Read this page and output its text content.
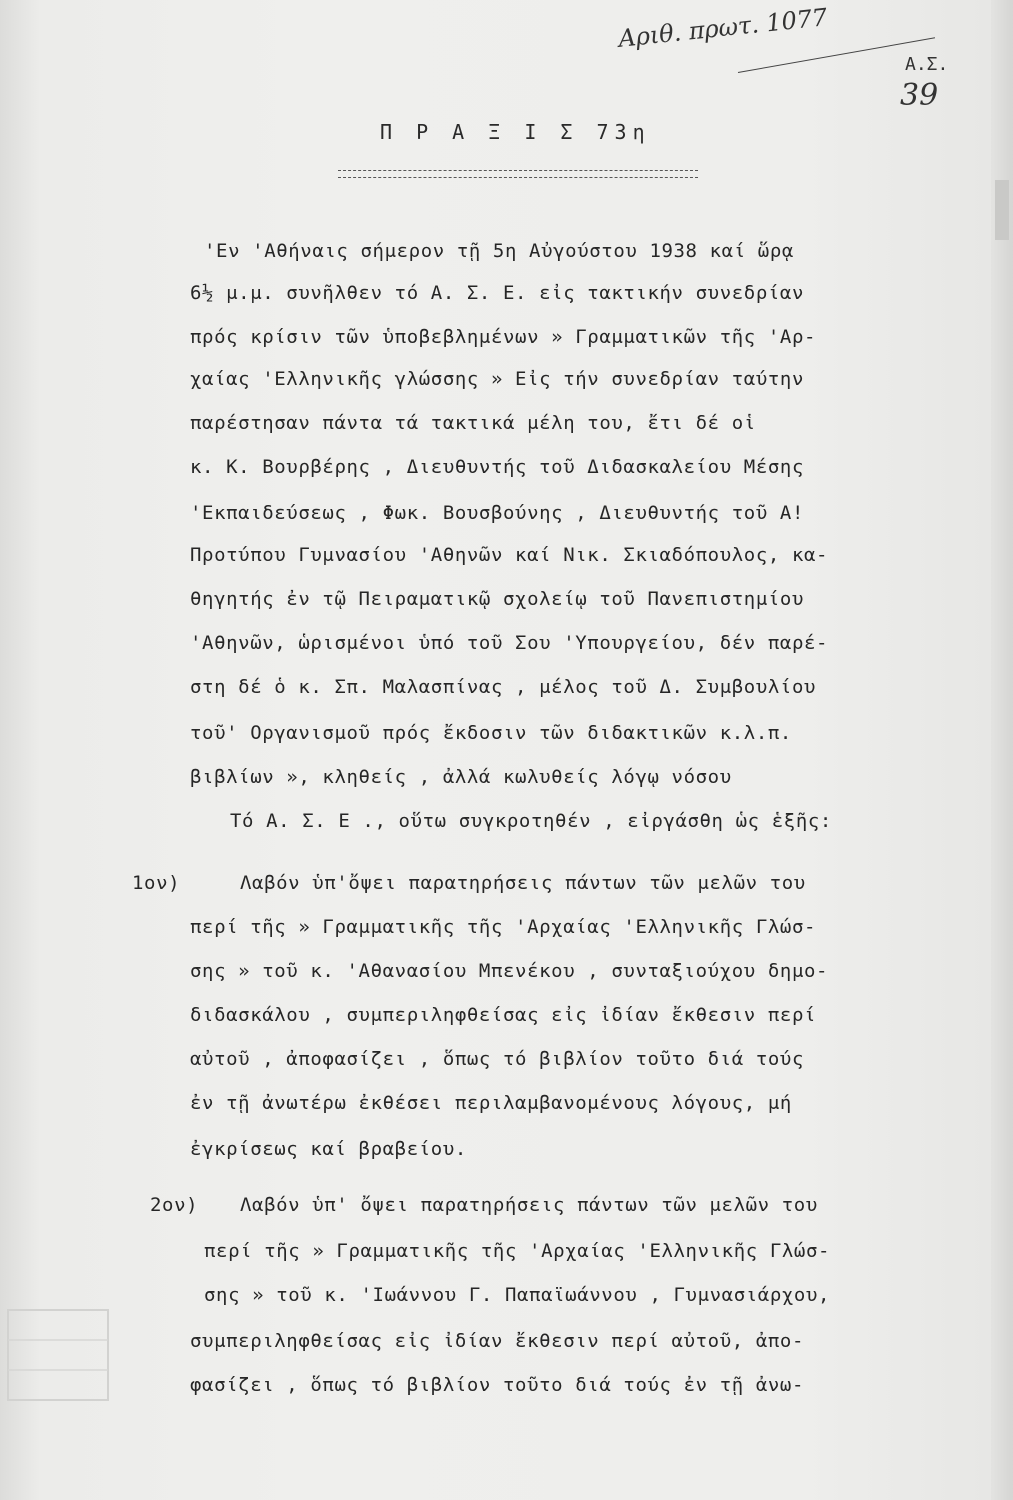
Αριθ. πρωτ. 1077
Α.Σ.
39
Π Ρ Α Ξ Ι Σ 73η
'Εν 'Αθήναις σήμερον τῇ 5η Αὐγούστου 1938 καί ὥρᾳ
6½ μ.μ. συνῆλθεν τό Α. Σ. Ε. εἰς τακτικήν συνεδρίαν
πρός κρίσιν τῶν ὑποβεβλημένων » Γραμματικῶν τῆς 'Αρ-
χαίας 'Ελληνικῆς γλώσσης » Εἰς τήν συνεδρίαν ταύτην
παρέστησαν πάντα τά τακτικά μέλη του, ἔτι δέ οἱ
κ. Κ. Βουρβέρης , Διευθυντής τοῦ Διδασκαλείου Μέσης
'Εκπαιδεύσεως , Φωκ. Βουσβούνης , Διευθυντής τοῦ Α!
Προτύπου Γυμνασίου 'Αθηνῶν καί Νικ. Σκιαδόπουλος, κα-
θηγητής ἐν τῷ Πειραματικῷ σχολείῳ τοῦ Πανεπιστημίου
'Αθηνῶν, ὡρισμένοι ὑπό τοῦ Σου 'Υπουργείου, δέν παρέ-
στη δέ ὁ κ. Σπ. Μαλασπίνας , μέλος τοῦ Δ. Συμβουλίου
τοῦ' Οργανισμοῦ πρός ἔκδοσιν τῶν διδακτικῶν κ.λ.π.
βιβλίων », κληθείς , ἀλλά κωλυθείς λόγῳ νόσου
Τό Α. Σ. Ε ., οὕτω συγκροτηθέν , εἰργάσθη ὡς ἑξῆς:
1ον)	Λαβόν ὑπ'ὄψει παρατηρήσεις πάντων τῶν μελῶν του
περί τῆς » Γραμματικῆς τῆς 'Αρχαίας 'Ελληνικῆς Γλώσ-
σης » τοῦ κ. 'Αθανασίου Μπενέκου , συνταξιούχου δημο-
διδασκάλου , συμπεριληφθείσας εἰς ἰδίαν ἔκθεσιν περί
αὐτοῦ , ἀποφασίζει , ὅπως τό βιβλίον τοῦτο διά τούς
ἐν τῇ ἀνωτέρω ἐκθέσει περιλαμβανομένους λόγους, μή
ἐγκρίσεως καί βραβείου.
2ον) Λαβόν ὑπ' ὄψει παρατηρήσεις πάντων τῶν μελῶν του
περί τῆς » Γραμματικῆς τῆς 'Αρχαίας 'Ελληνικῆς Γλώσ-
σης » τοῦ κ. 'Ιωάννου Γ. Παπαϊωάννου , Γυμνασιάρχου,
συμπεριληφθείσας εἰς ἰδίαν ἔκθεσιν περί αὐτοῦ, ἀπο-
φασίζει , ὅπως τό βιβλίον τοῦτο διά τούς ἐν τῇ ἀνω-
